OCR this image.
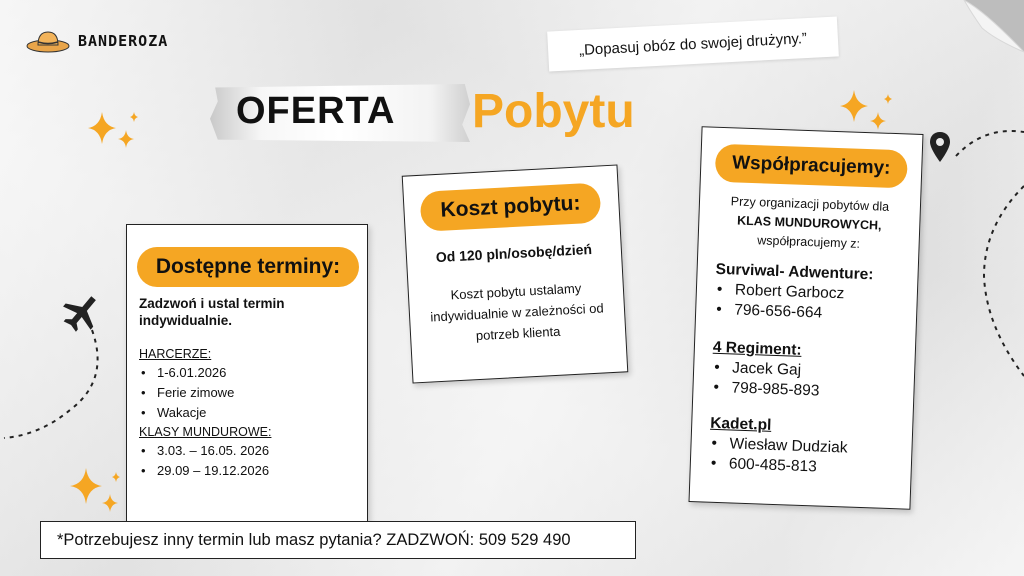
BANDEROZA	„Dopasuj obóz do swojej drużyny.”
OFERTA Pobytu
Dostępne terminy:

Zadzwoń i ustal termin indywidualnie.

HARCERZE:

• 1-6.01.2026
• Ferie zimowe
• Wakacje

KLASY MUNDUROWE:

• 3.03. – 16.05. 2026
• 29.09 – 19.12.2026
Koszt pobytu:
Od 120 pln/osobę/dzień
Koszt pobytu ustalamy indywidualnie w zależności od potrzeb klienta
Współpracujemy:
Przy organizacji pobytów dla
KLAS MUNDUROWYCH,
współpracujemy z:

Surviwal- Adwenture:

• Robert Garbocz
• 796-656-664

4 Regiment:

• Jacek Gaj
• 798-985-893

Kadet.pl

• Wiesław Dudziak
• 600-485-813
*Potrzebujesz inny termin lub masz pytania? ZADZWOŃ: 509 529 490
